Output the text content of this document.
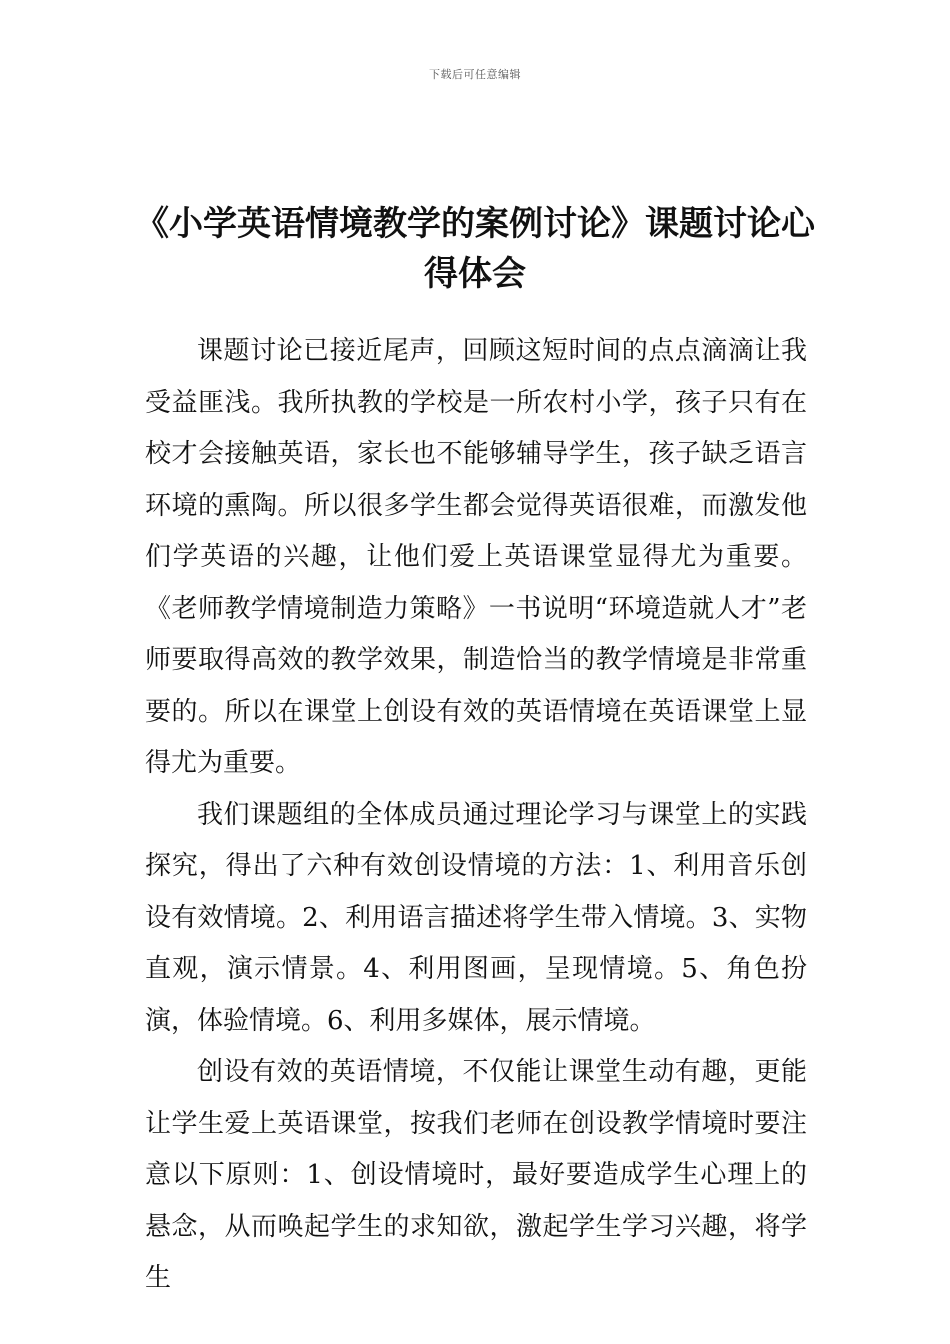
下载后可任意编辑
《小学英语情境教学的案例讨论》课题讨论心得体会

课题讨论已接近尾声，回顾这短时间的点点滴滴让我受益匪浅。我所执教的学校是一所农村小学，孩子只有在校才会接触英语，家长也不能够辅导学生，孩子缺乏语言环境的熏陶。所以很多学生都会觉得英语很难，而激发他们学英语的兴趣，让他们爱上英语课堂显得尤为重要。《老师教学情境制造力策略》一书说明“环境造就人才”老师要取得高效的教学效果，制造恰当的教学情境是非常重要的。所以在课堂上创设有效的英语情境在英语课堂上显得尤为重要。

我们课题组的全体成员通过理论学习与课堂上的实践探究，得出了六种有效创设情境的方法：1、利用音乐创设有效情境。2、利用语言描述将学生带入情境。3、实物直观，演示情景。4、利用图画，呈现情境。5、角色扮演，体验情境。6、利用多媒体，展示情境。

创设有效的英语情境，不仅能让课堂生动有趣，更能让学生爱上英语课堂，按我们老师在创设教学情境时要注意以下原则：1、创设情境时，最好要造成学生心理上的悬念，从而唤起学生的求知欲，激起学生学习兴趣，将学生
